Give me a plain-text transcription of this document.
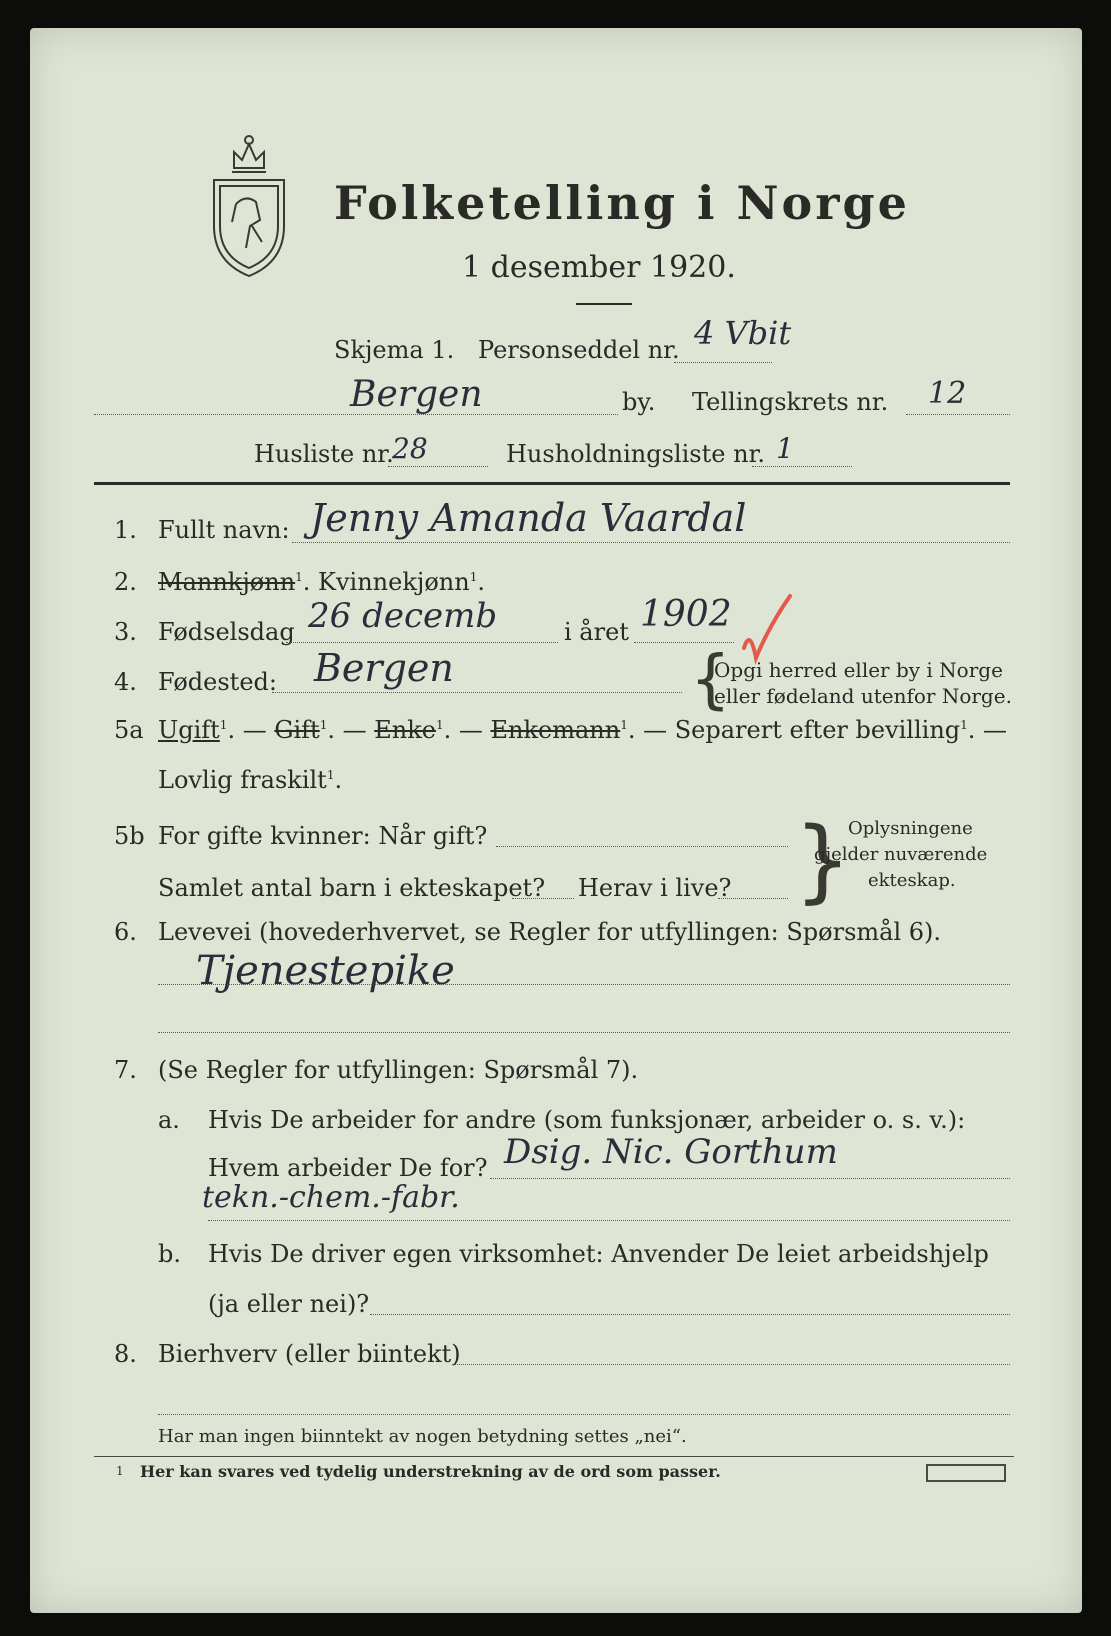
Folketelling i Norge
1 desember 1920.
Skjema 1. Personseddel nr. 4 Vbit
Bergen	by. Tellingskrets nr. 12
Husliste nr.
28	Husholdningsliste nr. 1
1. Fullt navn: Jenny Amanda Vaardal
2. Mannkjønn$^1$. Kvinnekjønn$^1$.
3. Fødselsdag 26 decemb	i året 1902
4. Fødested: Bergen	{
Opgi herred eller by i Norge
eller fødeland utenfor Norge.
5a Ugift$^1$. — Gift$^1$. — Enke$^1$. — Enkemann$^1$. — Separert efter bevilling$^1$. —
Lovlig fraskilt$^1$.
5b For gifte kvinner: Når gift?
Samlet antal barn i ekteskapet? Herav i live? }
Oplysningene
gjelder nuværende
ekteskap.
6. Levevei (hovederhvervet, se Regler for utfyllingen: Spørsmål 6).
Tjenestepike
7. (Se Regler for utfyllingen: Spørsmål 7).
a. Hvis De arbeider for andre (som funksjonær, arbeider o. s. v.):
Hvem arbeider De for? Dsig. Nic. Gorthum
tekn.-chem.-fabr.
b. Hvis De driver egen virksomhet: Anvender De leiet arbeidshjelp
(ja eller nei)?
8. Bierhverv (eller biintekt)
Har man ingen biinntekt av nogen betydning settes „nei“.
1 Her kan svares ved tydelig understrekning av de ord som passer.
